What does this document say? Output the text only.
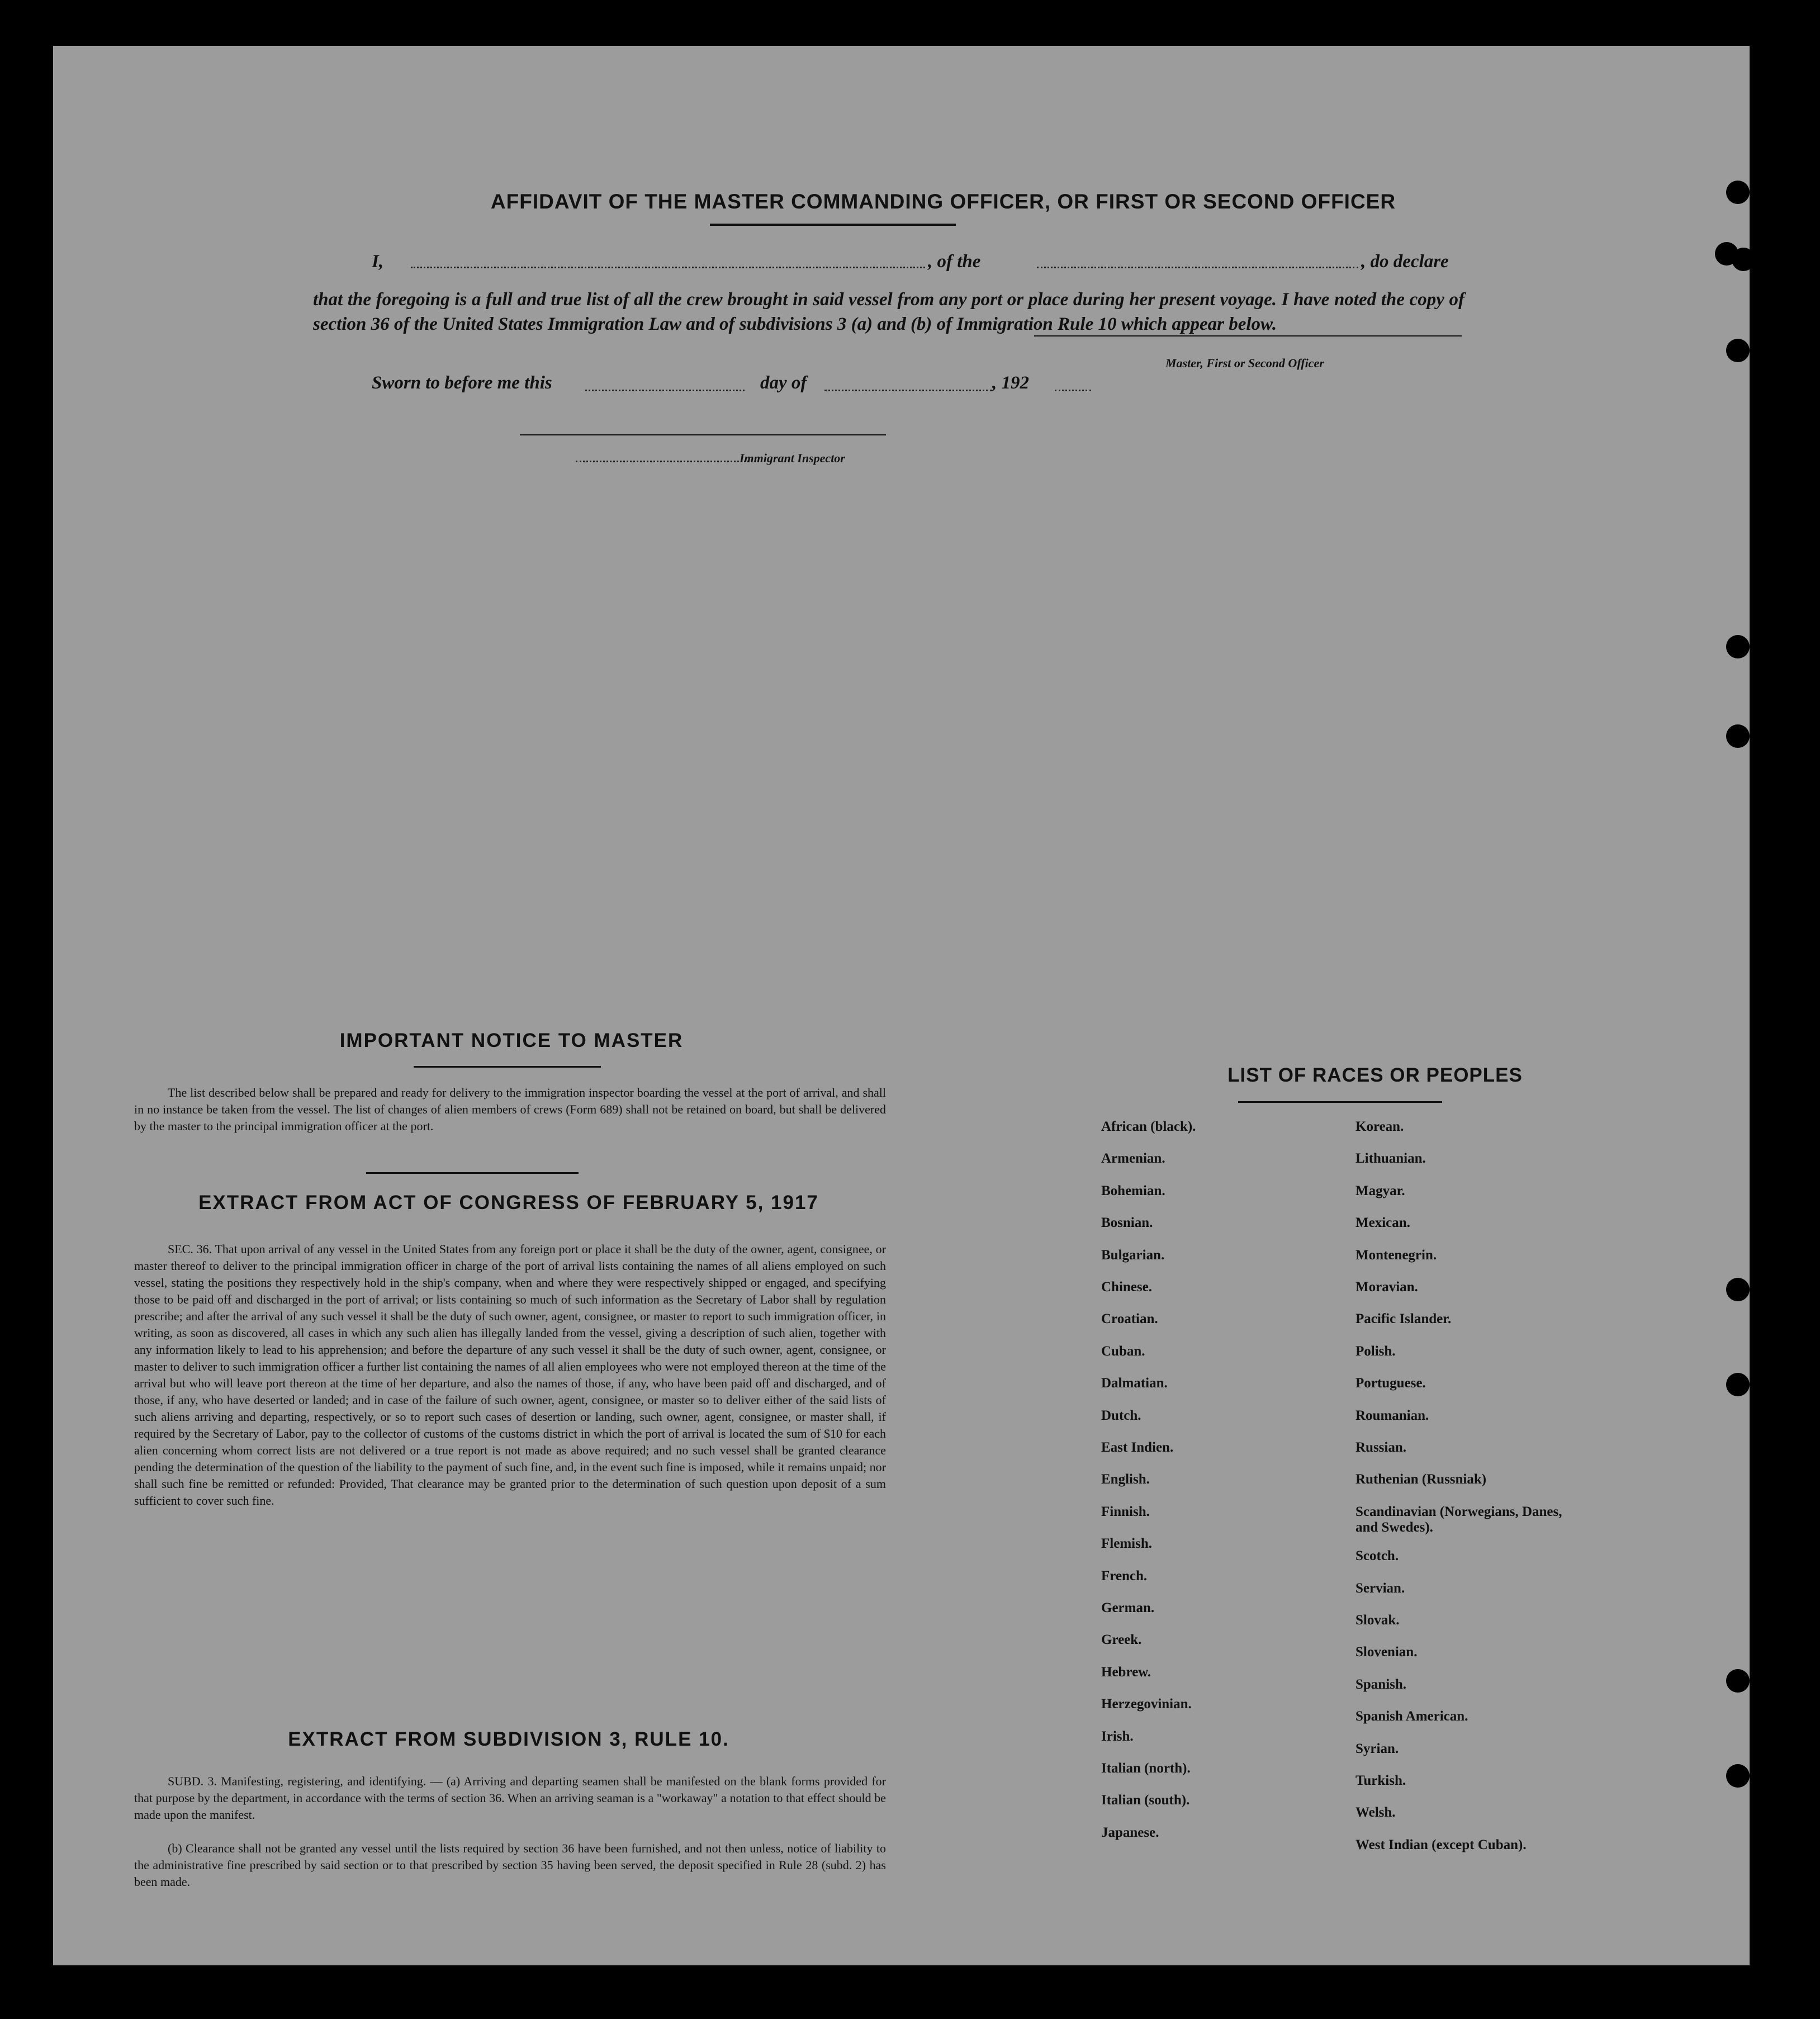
AFFIDAVIT OF THE MASTER COMMANDING OFFICER, OR FIRST OR SECOND OFFICER
I,	, of the	, do declare
that the foregoing is a full and true list of all the crew brought in said vessel from any port or place during her present voyage. I have noted the copy of section 36 of the United States Immigration Law and of subdivisions 3 (a) and (b) of Immigration Rule 10 which appear below.
Master, First or Second Officer
Sworn to before me this	day of	, 192
Immigrant Inspector
IMPORTANT NOTICE TO MASTER
The list described below shall be prepared and ready for delivery to the immigration inspector boarding the vessel at the port of arrival, and shall in no instance be taken from the vessel. The list of changes of alien members of crews (Form 689) shall not be retained on board, but shall be delivered by the master to the principal immigration officer at the port.
EXTRACT FROM ACT OF CONGRESS OF FEBRUARY 5, 1917
SEC. 36. That upon arrival of any vessel in the United States from any foreign port or place it shall be the duty of the owner, agent, consignee, or master thereof to deliver to the principal immigration officer in charge of the port of arrival lists containing the names of all aliens employed on such vessel, stating the positions they respectively hold in the ship's company, when and where they were respectively shipped or engaged, and specifying those to be paid off and discharged in the port of arrival; or lists containing so much of such information as the Secretary of Labor shall by regulation prescribe; and after the arrival of any such vessel it shall be the duty of such owner, agent, consignee, or master to report to such immigration officer, in writing, as soon as discovered, all cases in which any such alien has illegally landed from the vessel, giving a description of such alien, together with any information likely to lead to his apprehension; and before the departure of any such vessel it shall be the duty of such owner, agent, consignee, or master to deliver to such immigration officer a further list containing the names of all alien employees who were not employed thereon at the time of the arrival but who will leave port thereon at the time of her departure, and also the names of those, if any, who have been paid off and discharged, and of those, if any, who have deserted or landed; and in case of the failure of such owner, agent, consignee, or master so to deliver either of the said lists of such aliens arriving and departing, respectively, or so to report such cases of desertion or landing, such owner, agent, consignee, or master shall, if required by the Secretary of Labor, pay to the collector of customs of the customs district in which the port of arrival is located the sum of $10 for each alien concerning whom correct lists are not delivered or a true report is not made as above required; and no such vessel shall be granted clearance pending the determination of the question of the liability to the payment of such fine, and, in the event such fine is imposed, while it remains unpaid; nor shall such fine be remitted or refunded: Provided, That clearance may be granted prior to the determination of such question upon deposit of a sum sufficient to cover such fine.
EXTRACT FROM SUBDIVISION 3, RULE 10.
SUBD. 3. Manifesting, registering, and identifying. — (a) Arriving and departing seamen shall be manifested on the blank forms provided for that purpose by the department, in accordance with the terms of section 36. When an arriving seaman is a "workaway" a notation to that effect should be made upon the manifest.
(b) Clearance shall not be granted any vessel until the lists required by section 36 have been furnished, and not then unless, notice of liability to the administrative fine prescribed by said section or to that prescribed by section 35 having been served, the deposit specified in Rule 28 (subd. 2) has been made.
LIST OF RACES OR PEOPLES
African (black).
Armenian.
Bohemian.
Bosnian.
Bulgarian.
Chinese.
Croatian.
Cuban.
Dalmatian.
Dutch.
East Indien.
English.
Finnish.
Flemish.
French.
German.
Greek.
Hebrew.
Herzegovinian.
Irish.
Italian (north).
Italian (south).
Japanese.
Korean.
Lithuanian.
Magyar.
Mexican.
Montenegrin.
Moravian.
Pacific Islander.
Polish.
Portuguese.
Roumanian.
Russian.
Ruthenian (Russniak)
Scandinavian (Norwegians, Danes, and Swedes).
Scotch.
Servian.
Slovak.
Slovenian.
Spanish.
Spanish American.
Syrian.
Turkish.
Welsh.
West Indian (except Cuban).
